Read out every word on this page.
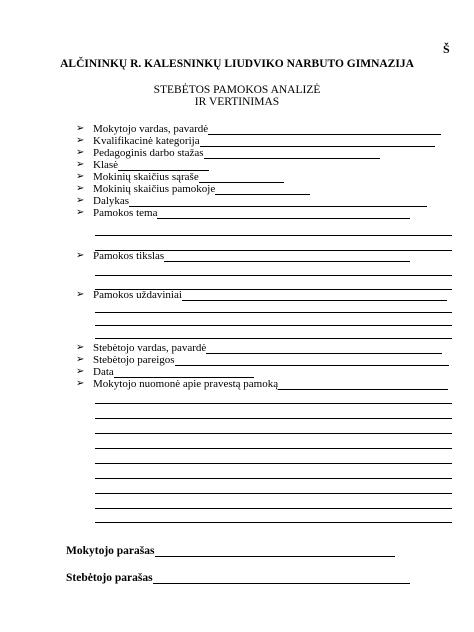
Š
ALČININKŲ R. KALESNINKŲ LIUDVIKO NARBUTO GIMNAZIJA
STEBĖTOS PAMOKOS ANALIZĖ
IR VERTINIMAS
➢ Mokytojo vardas, pavardė
➢ Kvalifikacinė kategorija
➢ Pedagoginis darbo stažas
➢ Klasė
➢ Mokinių skaičius sąraše
➢ Mokinių skaičius pamokoje
➢ Dalykas
➢ Pamokos tema
➢ Pamokos tikslas
➢ Pamokos uždaviniai
➢ Stebėtojo vardas, pavardė
➢ Stebėtojo pareigos
➢ Data
➢ Mokytojo nuomonė apie pravestą pamoką
Mokytojo parašas
Stebėtojo parašas
